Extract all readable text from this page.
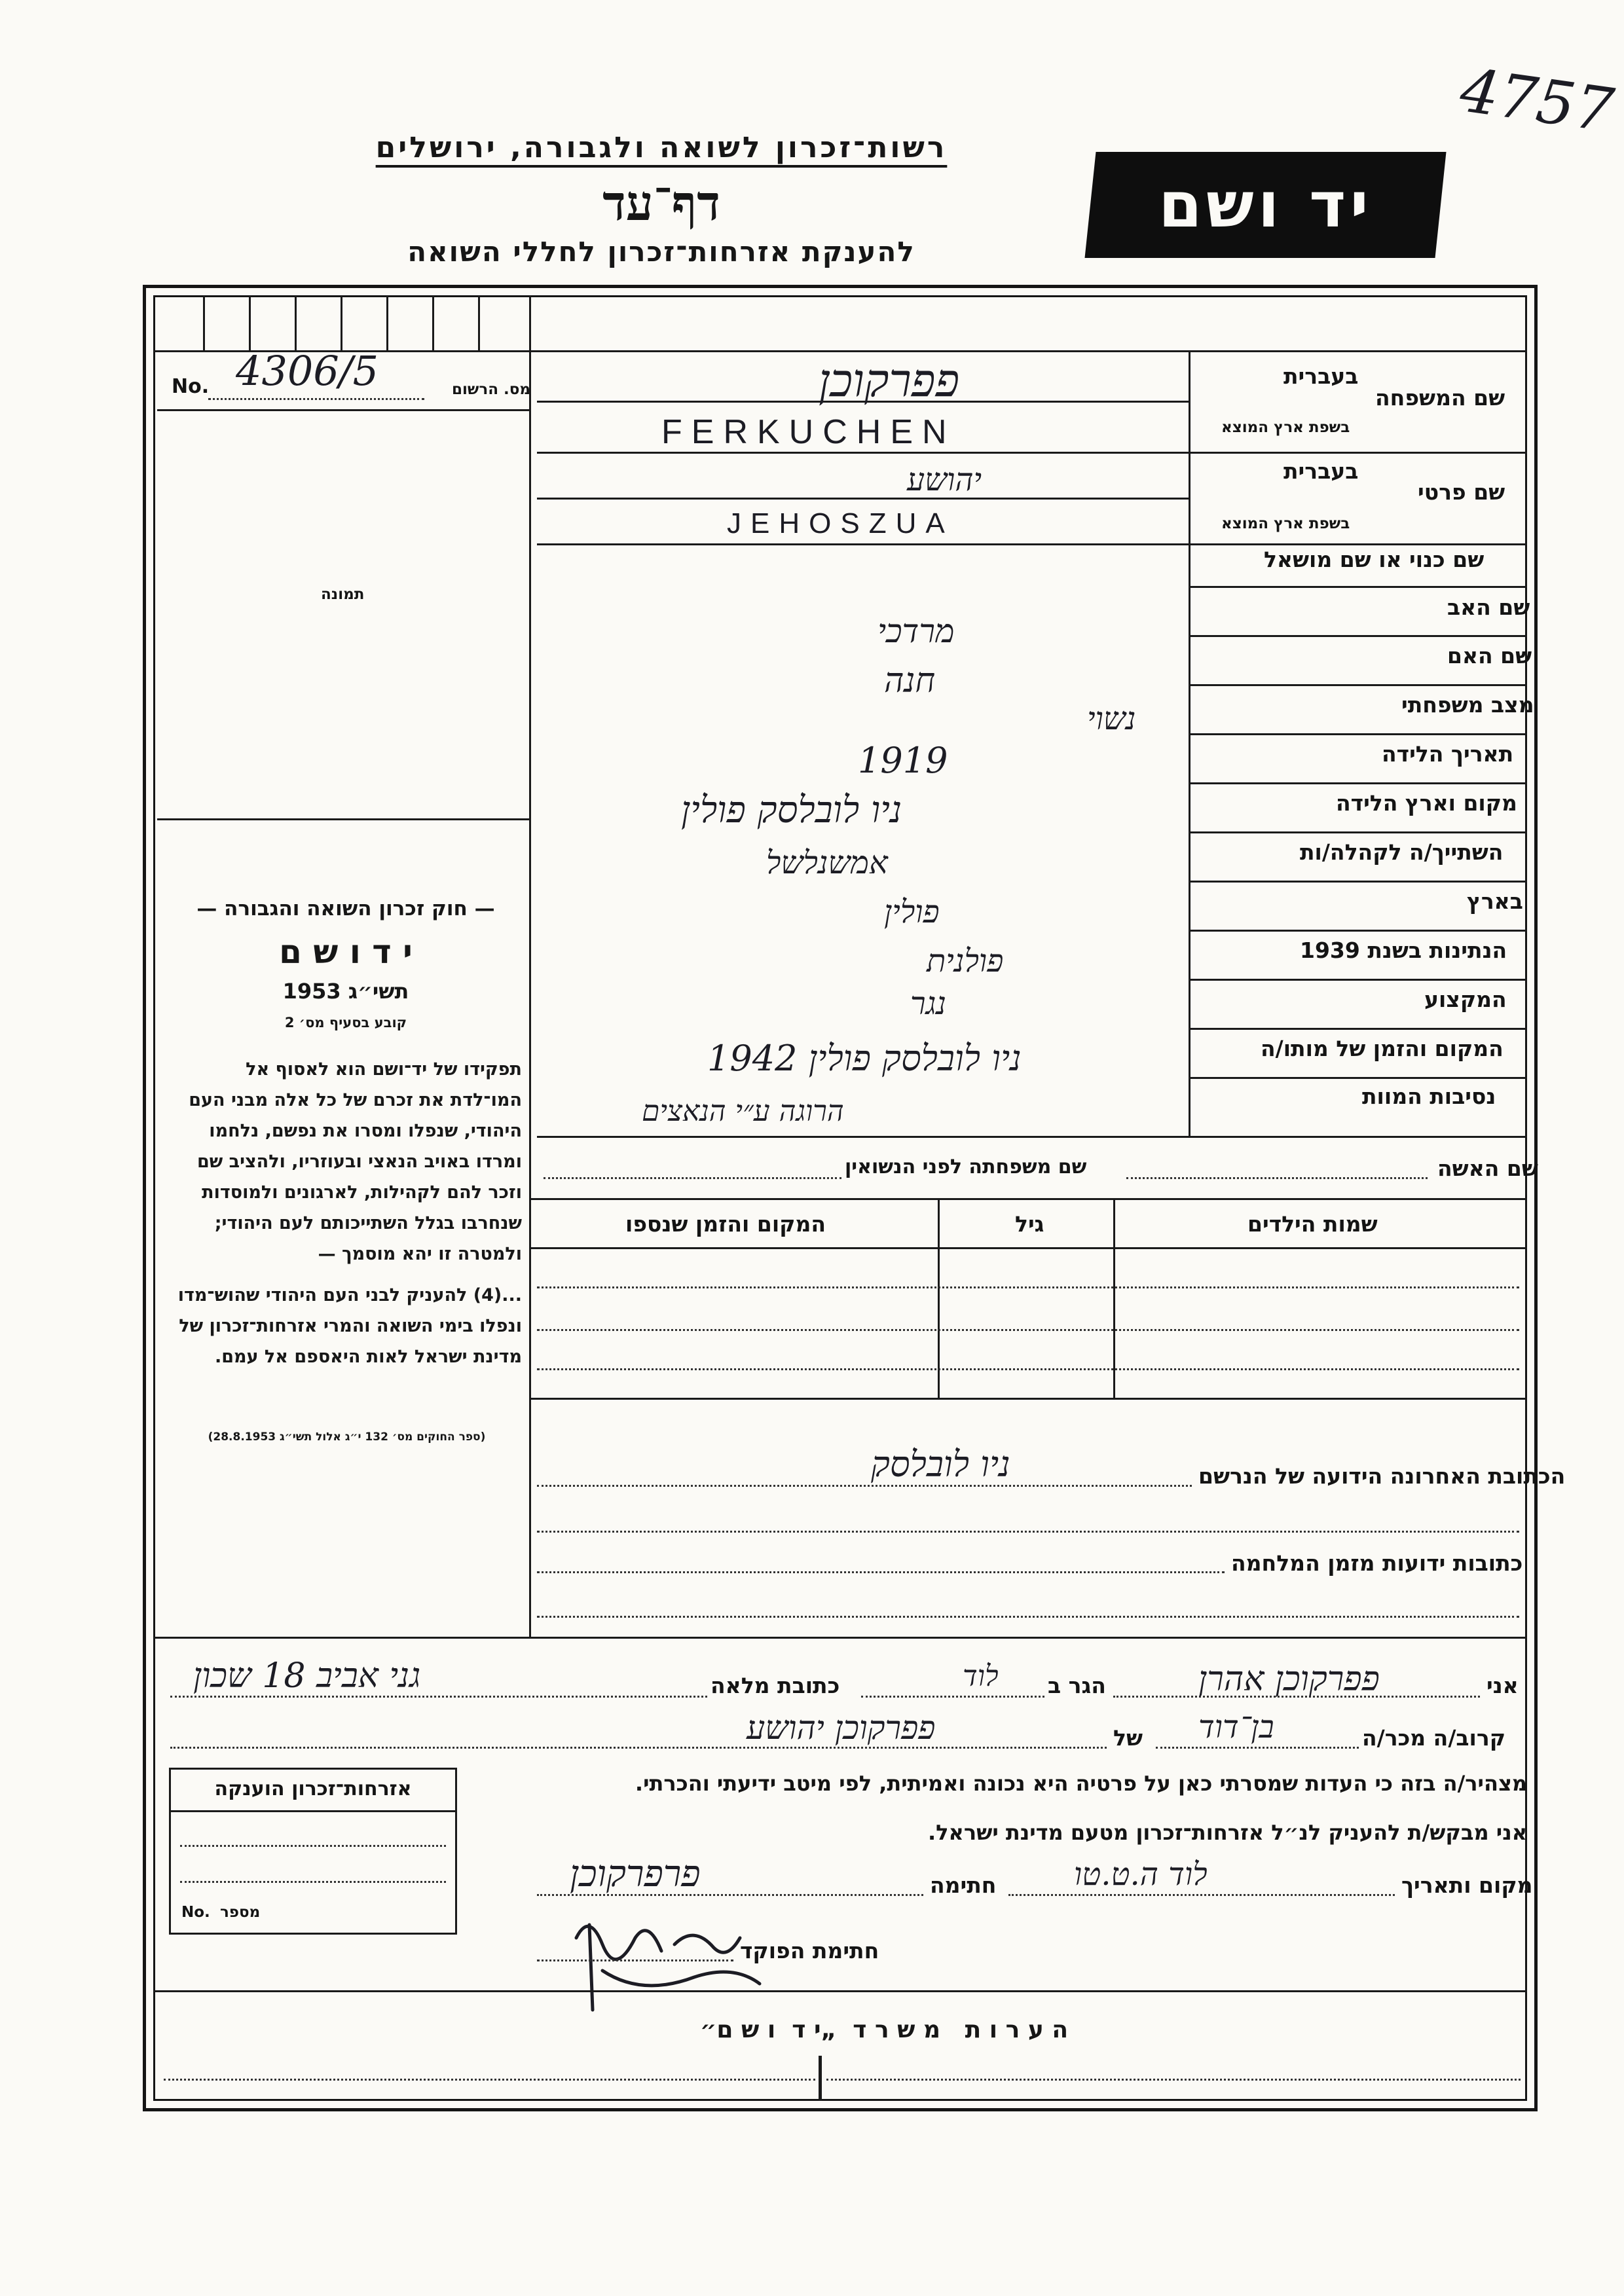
4757
יד ושם
רשות־זכרון לשואה ולגבורה, ירושלים
דף־עד
להענקת אזרחות־זכרון לחללי השואה
No. 4306/5	מס. הרשום
תמונה
— חוק זכרון השואה והגבורה —
י ד ו ש ם
תשי״ג 1953
קובע בסעיף מס׳ 2
תפקידו של יד־ושם הוא לאסוף אל המו־לדת את זכרם של כל אלה מבני העם היהודי, שנפלו ומסרו את נפשם, נלחמו ומרדו באויב הנאצי ובעוזריו, ולהציב שם וזכר להם לקהילות, לארגונים ולמוסדות שנחרבו בגלל השתייכותם לעם היהודי; ולמטרה זו יהא מוסמך —
...(4) להעניק לבני העם היהודי שהוש־מדו ונפלו בימי השואה והמרי אזרחות־זכרון של מדינת ישראל לאות היאספם אל עמם.
(ספר החוקים מס׳ 132 י״ג אלול תשי״ג 28.8.1953)
בעברית
שם המשפחה
בשפת ארץ המוצא
בעברית
שם פרטי
בשפת ארץ המוצא
פפרקוכן
FERKUCHEN
יהושע
JEHOSZUA
שם כנוי או שם מושאל
שם האב
שם האם
מצב משפחתי
תאריך הלידה
מקום וארץ הלידה
השתייך/ה לקהלה/ות
בארץ
הנתינות בשנת 1939
המקצוע
המקום והזמן של מותו/ה
נסיבות המוות
מרדכי
חנה
נשוי
1919
ניו לובלסק פולין
אמשנלשל
פולין
פולנית
נגר
ניו לובלסק פולין 1942
הרוגה ע״י הנאצים
שם האשה
שם משפחתה לפני הנשואין
שמות הילדים
גיל
המקום והזמן שנספו
הכתובת האחרונה הידועה של הנרשם
ניו לובלסק
כתובות ידועות מזמן המלחמה
אני
פפרקוכן אהרן
הגר ב
לוד
כתובת מלאה
גני אביב 18 שכון
קרוב/ה מכר/ה
בן־דוד
של
פפרקוכן יהושע
מצהיר/ה בזה כי העדות שמסרתי כאן על פרטיה היא נכונה ואמיתית, לפי מיטב ידיעתי והכרתי.
אני מבקש/ת להעניק לנ״ל אזרחות־זכרון מטעם מדינת ישראל.
מקום ותאריך
לוד ה.ט.טו
חתימה
פרפרקוכן
חתימת הפוקד
אזרחות־זכרון הוענקה
No. מספר
ה ע ר ו ת   מ ש ר ד  „י ד  ו ש ם״
